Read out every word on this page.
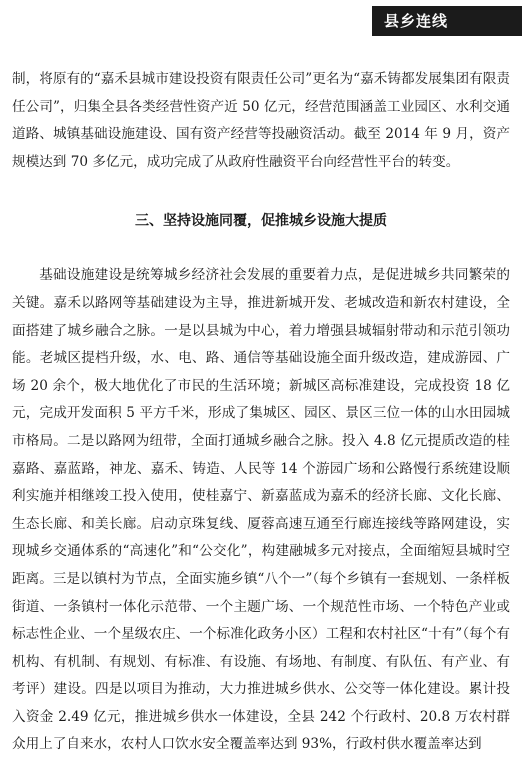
县乡连线

制，将原有的“嘉禾县城市建设投资有限责任公司”更名为“嘉禾铸都发展集团有限责任公司”，归集全县各类经营性资产近 50 亿元，经营范围涵盖工业园区、水利交通道路、城镇基础设施建设、国有资产经营等投融资活动。截至 2014 年 9 月，资产规模达到 70 多亿元，成功完成了从政府性融资平台向经营性平台的转变。

三、坚持设施同覆，促推城乡设施大提质

基础设施建设是统筹城乡经济社会发展的重要着力点，是促进城乡共同繁荣的关键。嘉禾以路网等基础建设为主导，推进新城开发、老城改造和新农村建设，全面搭建了城乡融合之脉。一是以县城为中心，着力增强县城辐射带动和示范引领功能。老城区提档升级，水、电、路、通信等基础设施全面升级改造，建成游园、广场 20 余个，极大地优化了市民的生活环境；新城区高标准建设，完成投资 18 亿元，完成开发面积 5 平方千米，形成了集城区、园区、景区三位一体的山水田园城市格局。二是以路网为纽带，全面打通城乡融合之脉。投入 4.8 亿元提质改造的桂嘉路、嘉蓝路，神龙、嘉禾、铸造、人民等 14 个游园广场和公路慢行系统建设顺利实施并相继竣工投入使用，使桂嘉宁、新嘉蓝成为嘉禾的经济长廊、文化长廊、生态长廊、和美长廊。启动京珠复线、厦蓉高速互通至行廊连接线等路网建设，实现城乡交通体系的“高速化”和“公交化”，构建融城多元对接点，全面缩短县城时空距离。三是以镇村为节点，全面实施乡镇“八个一”（每个乡镇有一套规划、一条样板街道、一条镇村一体化示范带、一个主题广场、一个规范性市场、一个特色产业或标志性企业、一个星级农庄、一个标准化政务小区）工程和农村社区“十有”（每个有机构、有机制、有规划、有标准、有设施、有场地、有制度、有队伍、有产业、有考评）建设。四是以项目为推动，大力推进城乡供水、公交等一体化建设。累计投入资金 2.49 亿元，推进城乡供水一体建设，全县 242 个行政村、20.8 万农村群众用上了自来水，农村人口饮水安全覆盖率达到 93%，行政村供水覆盖率达到
